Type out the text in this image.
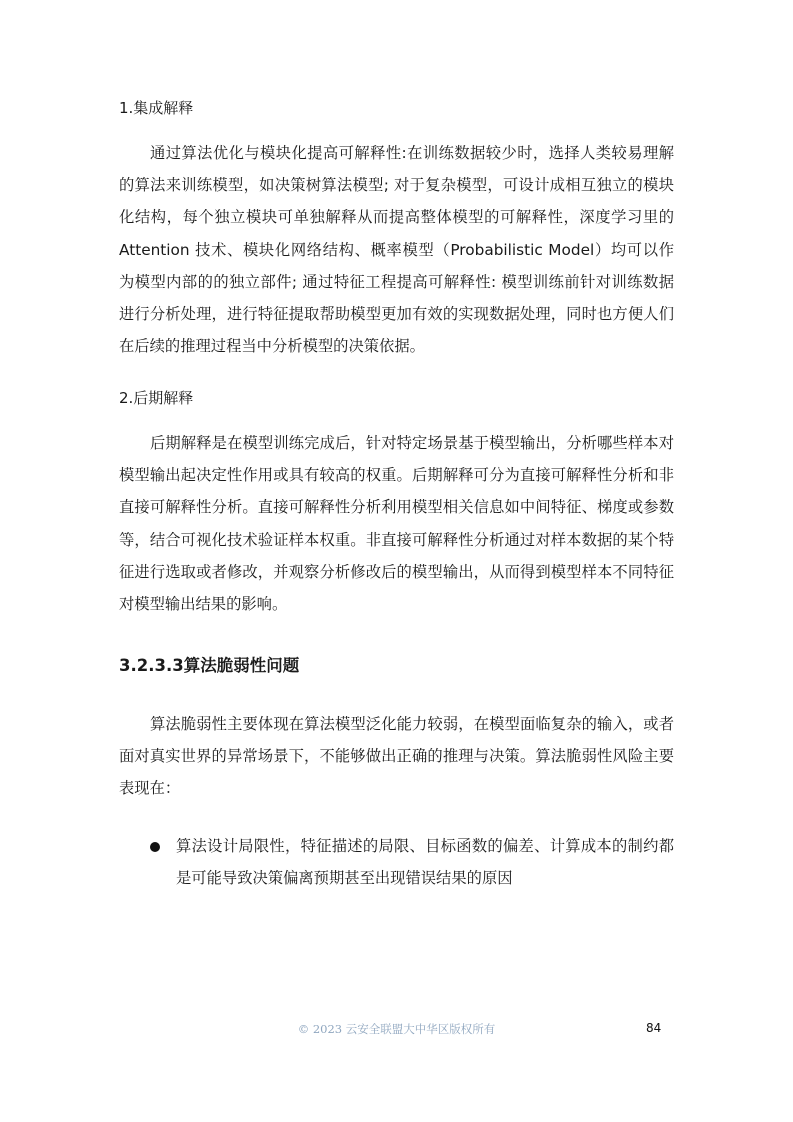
1.集成解释

通过算法优化与模块化提高可解释性:在训练数据较少时，选择人类较易理解的算法来训练模型，如决策树算法模型; 对于复杂模型，可设计成相互独立的模块化结构，每个独立模块可单独解释从而提高整体模型的可解释性，深度学习里的 Attention 技术、模块化网络结构、概率模型（Probabilistic Model）均可以作为模型内部的的独立部件; 通过特征工程提高可解释性: 模型训练前针对训练数据进行分析处理，进行特征提取帮助模型更加有效的实现数据处理，同时也方便人们在后续的推理过程当中分析模型的决策依据。

2.后期解释

后期解释是在模型训练完成后，针对特定场景基于模型输出，分析哪些样本对模型输出起决定性作用或具有较高的权重。后期解释可分为直接可解释性分析和非直接可解释性分析。直接可解释性分析利用模型相关信息如中间特征、梯度或参数等，结合可视化技术验证样本权重。非直接可解释性分析通过对样本数据的某个特征进行选取或者修改，并观察分析修改后的模型输出，从而得到模型样本不同特征对模型输出结果的影响。

3.2.3.3算法脆弱性问题

算法脆弱性主要体现在算法模型泛化能力较弱，在模型面临复杂的输入，或者面对真实世界的异常场景下，不能够做出正确的推理与决策。算法脆弱性风险主要表现在：

算法设计局限性，特征描述的局限、目标函数的偏差、计算成本的制约都是可能导致决策偏离预期甚至出现错误结果的原因

© 2023 云安全联盟大中华区版权所有	84
